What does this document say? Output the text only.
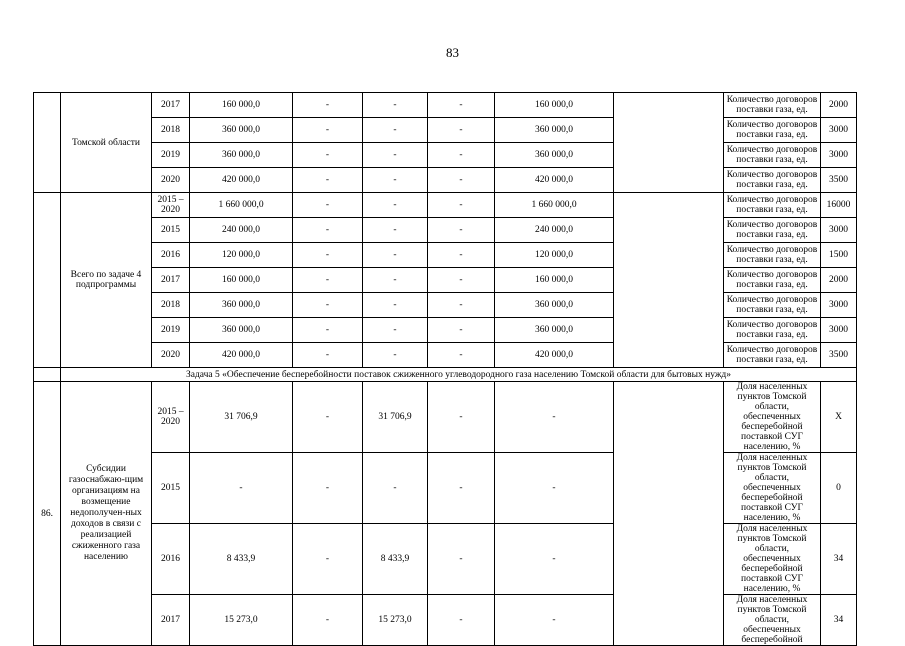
83
	Томской области	2017	160 000,0	-	-	-	160 000,0		Количество договоров поставки газа, ед.	2000
		2018	360 000,0	-	-	-	360 000,0		Количество договоров поставки газа, ед.	3000
		2019	360 000,0	-	-	-	360 000,0		Количество договоров поставки газа, ед.	3000
		2020	420 000,0	-	-	-	420 000,0		Количество договоров поставки газа, ед.	3500
	Всего по задаче 4 подпрограммы	2015 – 2020	1 660 000,0	-	-	-	1 660 000,0		Количество договоров поставки газа, ед.	16000
		2015	240 000,0	-	-	-	240 000,0		Количество договоров поставки газа, ед.	3000
		2016	120 000,0	-	-	-	120 000,0		Количество договоров поставки газа, ед.	1500
		2017	160 000,0	-	-	-	160 000,0		Количество договоров поставки газа, ед.	2000
		2018	360 000,0	-	-	-	360 000,0		Количество договоров поставки газа, ед.	3000
		2019	360 000,0	-	-	-	360 000,0		Количество договоров поставки газа, ед.	3000
		2020	420 000,0	-	-	-	420 000,0		Количество договоров поставки газа, ед.	3500
	Задача 5 «Обеспечение бесперебойности поставок сжиженного углеводородного газа населению Томской области для бытовых нужд»									
86.	Субсидии газоснабжаю-щим организациям на возмещение недополучен-ных доходов в связи с реализацией сжиженного газа населению	2015 – 2020	31 706,9	-	31 706,9	-	-		Доля населенных пунктов Томской области, обеспеченных бесперебойной поставкой СУГ населению, %	X
		2015	-	-	-	-	-		Доля населенных пунктов Томской области, обеспеченных бесперебойной поставкой СУГ населению, %	0
		2016	8 433,9	-	8 433,9	-	-		Доля населенных пунктов Томской области, обеспеченных бесперебойной поставкой СУГ населению, %	34
		2017	15 273,0	-	15 273,0	-	-		Доля населенных пунктов Томской области, обеспеченных бесперебойной	34
